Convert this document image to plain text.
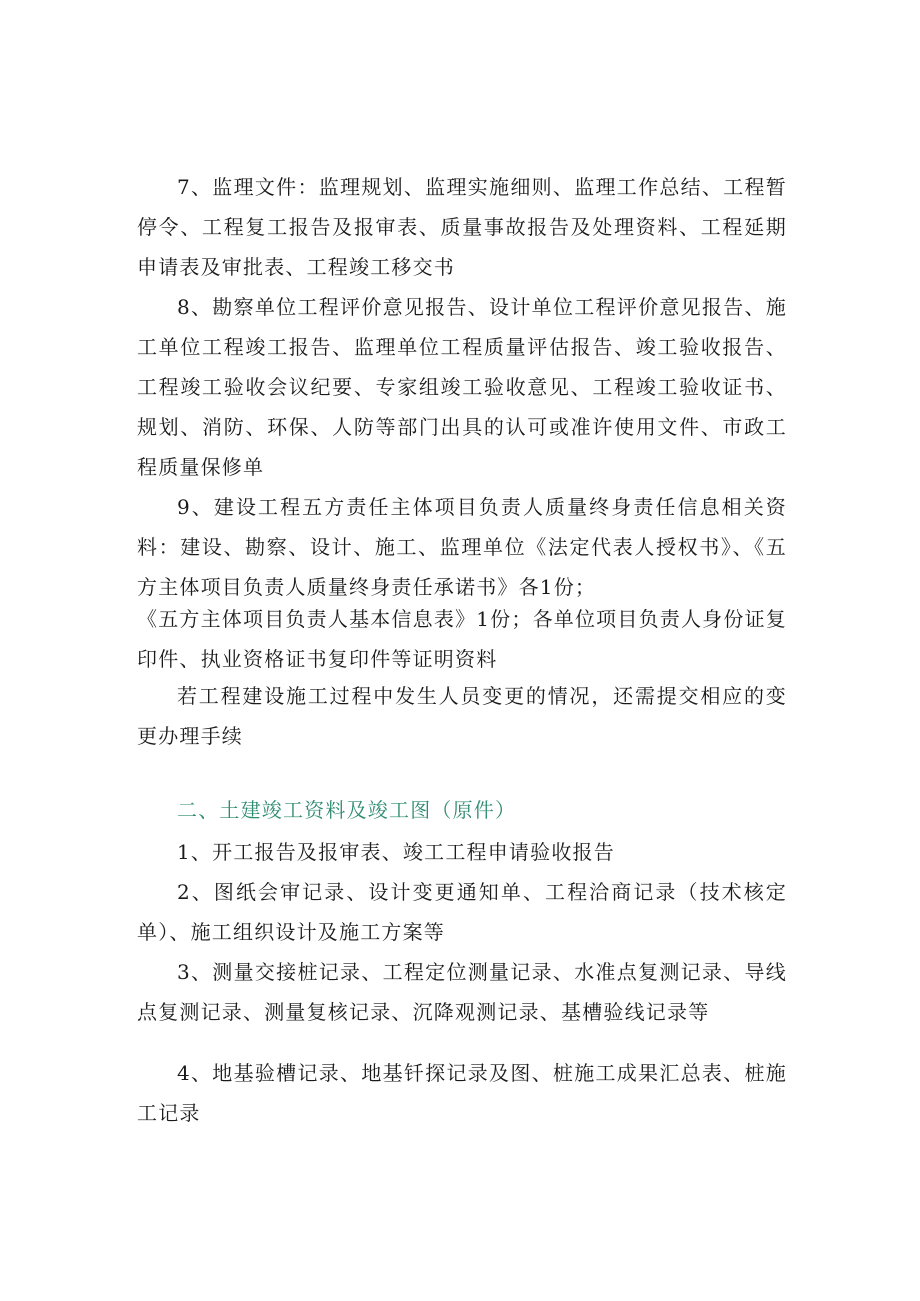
7、监理文件：监理规划、监理实施细则、监理工作总结、工程暂停令、工程复工报告及报审表、质量事故报告及处理资料、工程延期申请表及审批表、工程竣工移交书

8、勘察单位工程评价意见报告、设计单位工程评价意见报告、施工单位工程竣工报告、监理单位工程质量评估报告、竣工验收报告、工程竣工验收会议纪要、专家组竣工验收意见、工程竣工验收证书、规划、消防、环保、人防等部门出具的认可或准许使用文件、市政工程质量保修单

9、建设工程五方责任主体项目负责人质量终身责任信息相关资料：建设、勘察、设计、施工、监理单位《法定代表人授权书》、《五方主体项目负责人质量终身责任承诺书》各1份；

《五方主体项目负责人基本信息表》1份；各单位项目负责人身份证复印件、执业资格证书复印件等证明资料

若工程建设施工过程中发生人员变更的情况，还需提交相应的变更办理手续

二、土建竣工资料及竣工图（原件）

1、开工报告及报审表、竣工工程申请验收报告

2、图纸会审记录、设计变更通知单、工程洽商记录（技术核定单）、施工组织设计及施工方案等

3、测量交接桩记录、工程定位测量记录、水准点复测记录、导线点复测记录、测量复核记录、沉降观测记录、基槽验线记录等

4、地基验槽记录、地基钎探记录及图、桩施工成果汇总表、桩施工记录
